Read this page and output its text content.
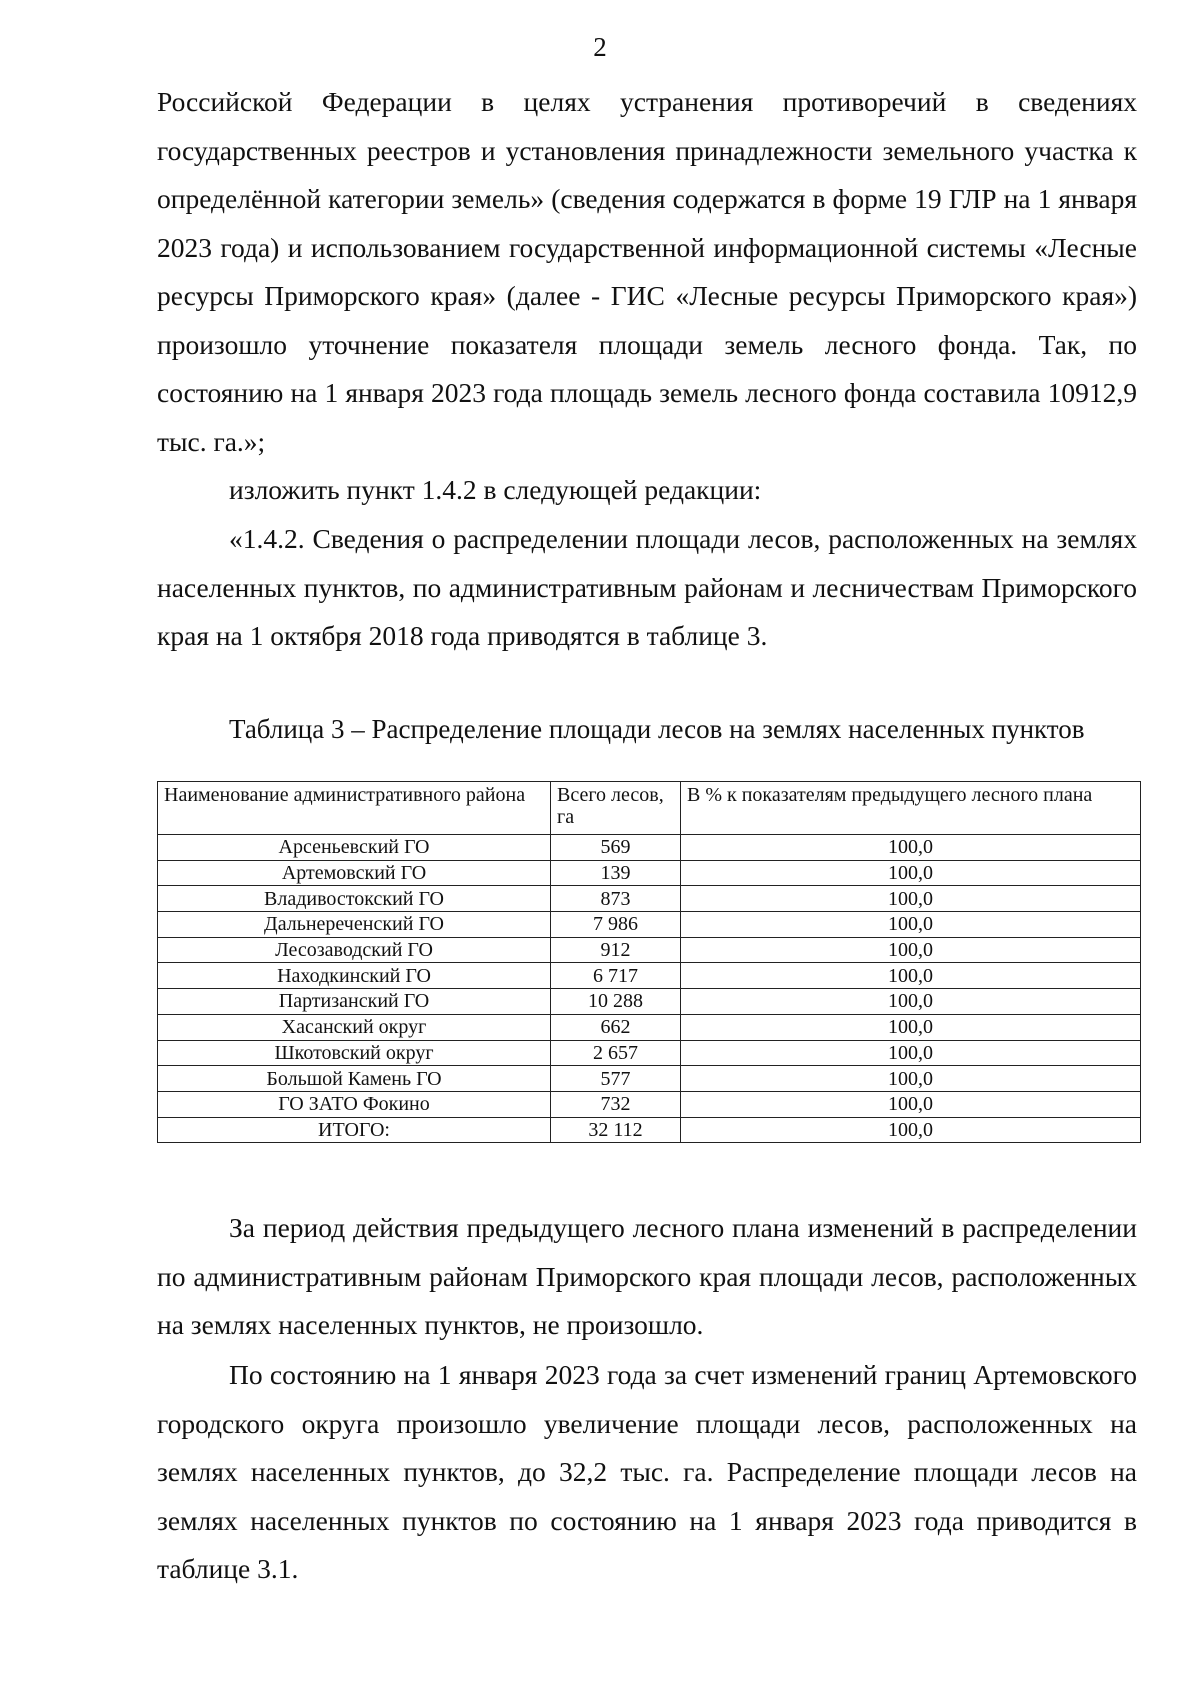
2

Российской Федерации в целях устранения противоречий в сведениях государственных реестров и установления принадлежности земельного участка к определённой категории земель» (сведения содержатся в форме 19 ГЛР на 1 января 2023 года) и использованием государственной информационной системы «Лесные ресурсы Приморского края» (далее - ГИС «Лесные ресурсы Приморского края») произошло уточнение показателя площади земель лесного фонда. Так, по состоянию на 1 января 2023 года площадь земель лесного фонда составила 10912,9 тыс. га.»;

изложить пункт 1.4.2 в следующей редакции:

«1.4.2. Сведения о распределении площади лесов, расположенных на землях населенных пунктов, по административным районам и лесничествам Приморского края на 1 октября 2018 года приводятся в таблице 3.

Таблица 3 – Распределение площади лесов на землях населенных пунктов

Наименование административного района	Всего лесов, га	В % к показателям предыдущего лесного плана
Арсеньевский ГО	569	100,0
Артемовский ГО	139	100,0
Владивостокский ГО	873	100,0
Дальнереченский ГО	7 986	100,0
Лесозаводский ГО	912	100,0
Находкинский ГО	6 717	100,0
Партизанский ГО	10 288	100,0
Хасанский округ	662	100,0
Шкотовский округ	2 657	100,0
Большой Камень ГО	577	100,0
ГО ЗАТО Фокино	732	100,0
ИТОГО:	32 112	100,0

За период действия предыдущего лесного плана изменений в распределении по административным районам Приморского края площади лесов, расположенных на землях населенных пунктов, не произошло.

По состоянию на 1 января 2023 года за счет изменений границ Артемовского городского округа произошло увеличение площади лесов, расположенных на землях населенных пунктов, до 32,2 тыс. га. Распределение площади лесов на землях населенных пунктов по состоянию на 1 января 2023 года приводится в таблице 3.1.
